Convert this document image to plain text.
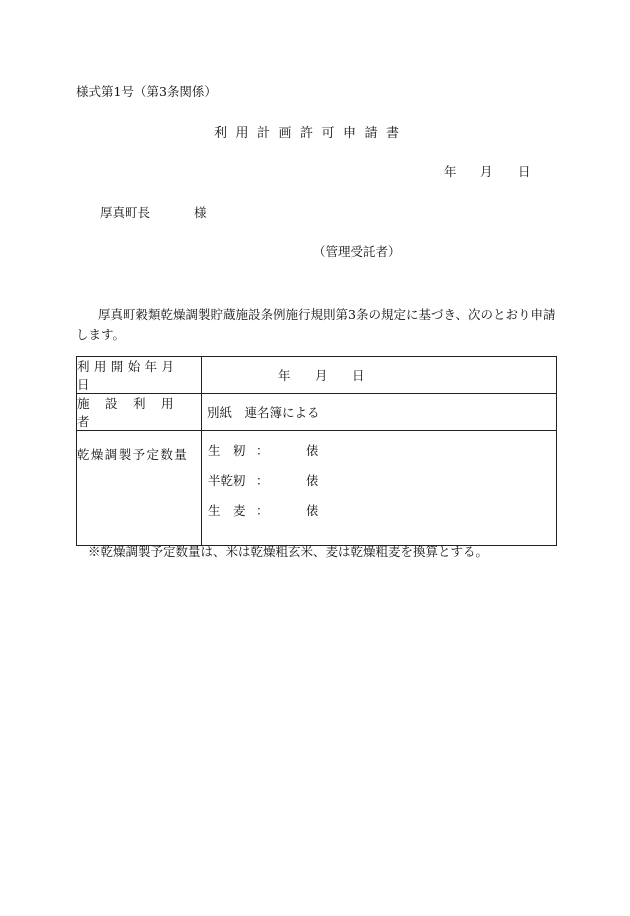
様式第1号（第3条関係）
利用計画許可申請書
年 月 日
厚真町長	様
（管理受託者）
厚真町穀類乾燥調製貯蔵施設条例施行規則第3条の規定に基づき、次のとおり申請します。
利用開始年月日	年 月 日
施設利用者	別紙　連名簿による
乾燥調製予定数量	生　籾 ： 俵
半乾籾 ： 俵
生　麦 ： 俵
※乾燥調製予定数量は、米は乾燥粗玄米、麦は乾燥粗麦を換算とする。
